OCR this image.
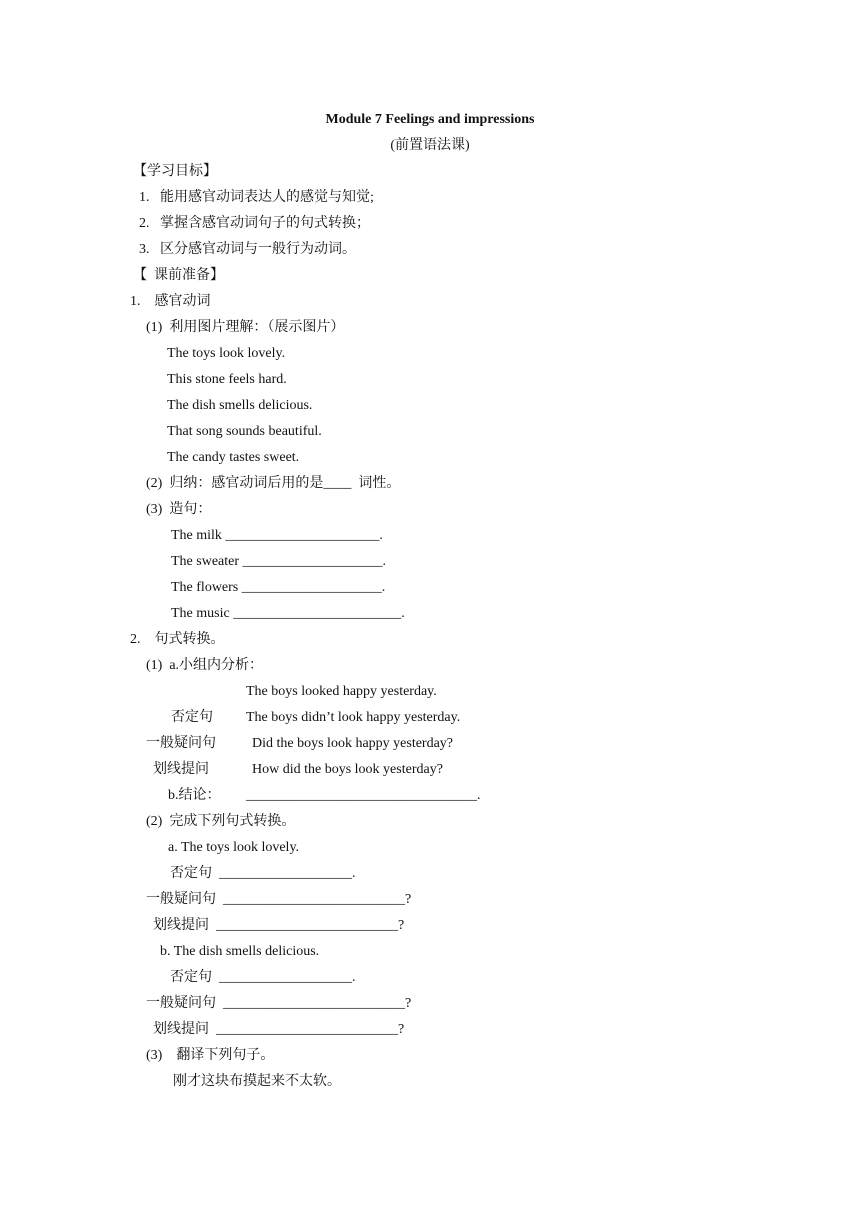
Module 7 Feelings and impressions
(前置语法课)
【学习目标】
1.   能用感官动词表达人的感觉与知觉;
2.   掌握含感官动词句子的句式转换；
3.   区分感官动词与一般行为动词。
【  课前准备】
1.    感官动词
(1)  利用图片理解：（展示图片）
The toys look lovely.
This stone feels hard.
The dish smells delicious.
That song sounds beautiful.
The candy tastes sweet.
(2)  归纳：感官动词后用的是____  词性。
(3)  造句：
The milk ______________________.
The sweater ____________________.
The flowers ____________________.
The music ________________________.
2.    句式转换。
(1)  a.小组内分析：
The boys looked happy yesterday.
否定句 The boys didn’t look happy yesterday.
一般疑问句	Did the boys look happy yesterday?
划线提问	How did the boys look yesterday?
b.结论： _________________________________.
(2)  完成下列句式转换。
a. The toys look lovely.
否定句  ___________________.
一般疑问句  __________________________?
划线提问  __________________________?
b. The dish smells delicious.
否定句  ___________________.
一般疑问句  __________________________?
划线提问  __________________________?
(3)    翻译下列句子。
刚才这块布摸起来不太软。
